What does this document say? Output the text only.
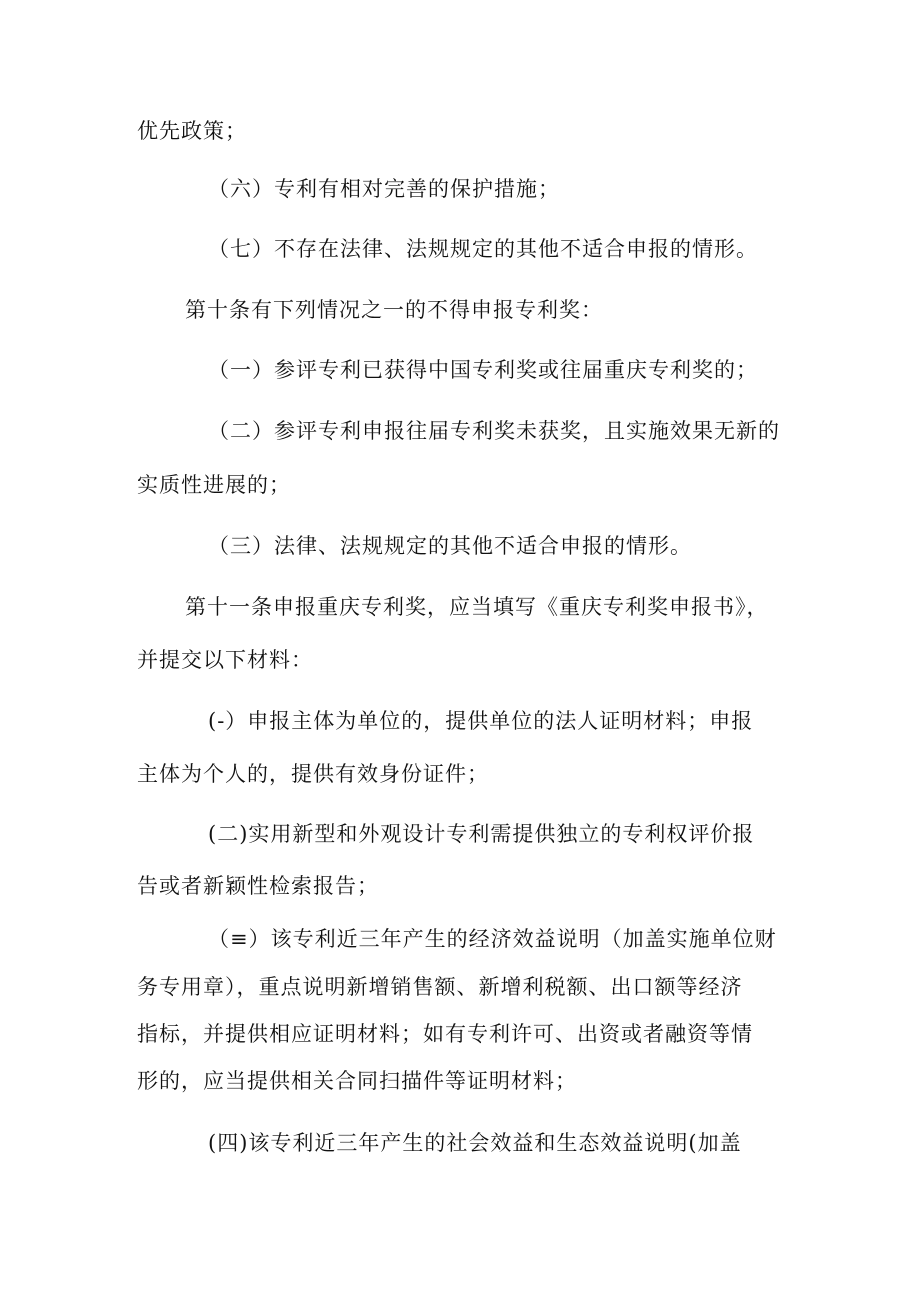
优先政策；
（六）专利有相对完善的保护措施；
（七）不存在法律、法规规定的其他不适合申报的情形。
第十条有下列情况之一的不得申报专利奖：
（一）参评专利已获得中国专利奖或往届重庆专利奖的；
（二）参评专利申报往届专利奖未获奖，且实施效果无新的
实质性进展的；
（三）法律、法规规定的其他不适合申报的情形。
第十一条申报重庆专利奖，应当填写《重庆专利奖申报书》，
并提交以下材料：
(-）申报主体为单位的，提供单位的法人证明材料；申报
主体为个人的，提供有效身份证件；
(二)实用新型和外观设计专利需提供独立的专利权评价报
告或者新颖性检索报告；
（≡）该专利近三年产生的经济效益说明（加盖实施单位财
务专用章），重点说明新增销售额、新增利税额、出口额等经济
指标，并提供相应证明材料；如有专利许可、出资或者融资等情
形的，应当提供相关合同扫描件等证明材料；
(四)该专利近三年产生的社会效益和生态效益说明(加盖
